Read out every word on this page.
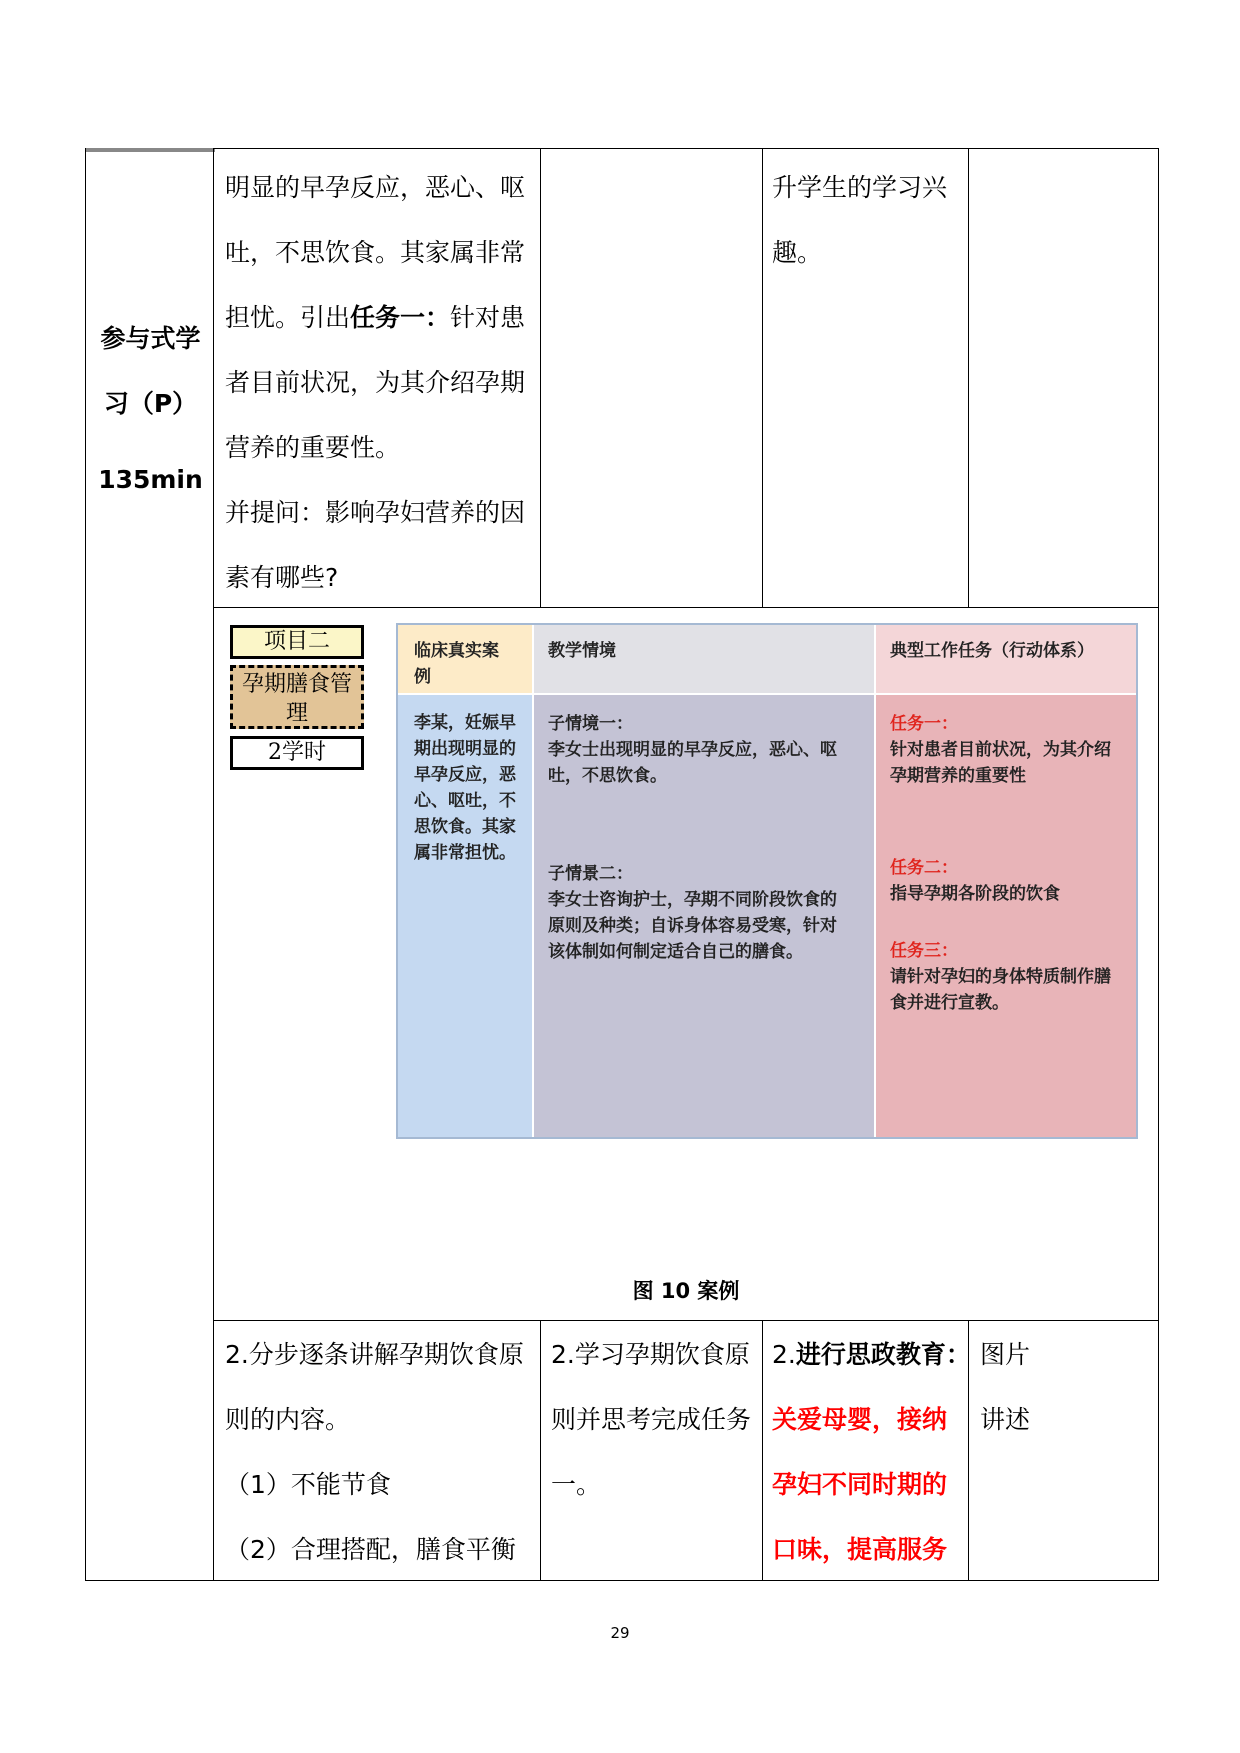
参与式学
习（P）
135min
明显的早孕反应，恶心、呕
吐，不思饮食。其家属非常
担忧。引出任务一：针对患
者目前状况，为其介绍孕期
营养的重要性。
并提问：影响孕妇营养的因
素有哪些?
升学生的学习兴
趣。
项目二
孕期膳食管理
2学时
临床真实案例
李某，妊娠早期出现明显的早孕反应，恶心、呕吐，不思饮食。其家属非常担忧。
教学情境
子情境一：
李女士出现明显的早孕反应，恶心、呕吐，不思饮食。
子情景二：
李女士咨询护士，孕期不同阶段饮食的原则及种类；自诉身体容易受寒，针对该体制如何制定适合自己的膳食。
典型工作任务（行动体系）
任务一：
针对患者目前状况，为其介绍孕期营养的重要性
任务二：
指导孕期各阶段的饮食
任务三：
请针对孕妇的身体特质制作膳食并进行宣教。
图 10 案例
2.分步逐条讲解孕期饮食原
则的内容。
（1）不能节食
（2）合理搭配，膳食平衡
2.学习孕期饮食原
则并思考完成任务
一。
2.进行思政教育：
关爱母婴，接纳
孕妇不同时期的
口味，提高服务
图片
讲述
29
